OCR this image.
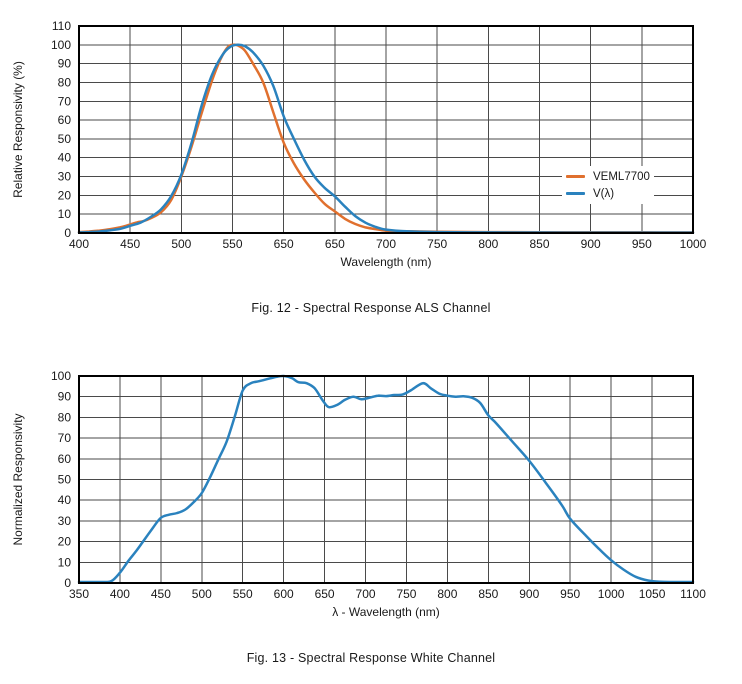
400	450	500	550	650	650	700	750	800	850	900	950 1000
0
10
20
30
40
50
60
70
80
90
100
110
Wavelength (nm)
Relative Responsivity (%)	VEML7700
V(λ)
Fig. 12 - Spectral Response ALS Channel
350 400 450 500 550 600 650 700 750 800 850 900 950 1000 1050 1100
0
10
20
30
40
50
60
70
80
90
100
λ - Wavelength (nm)
Normalized Responsivity
Fig. 13 - Spectral Response White Channel
